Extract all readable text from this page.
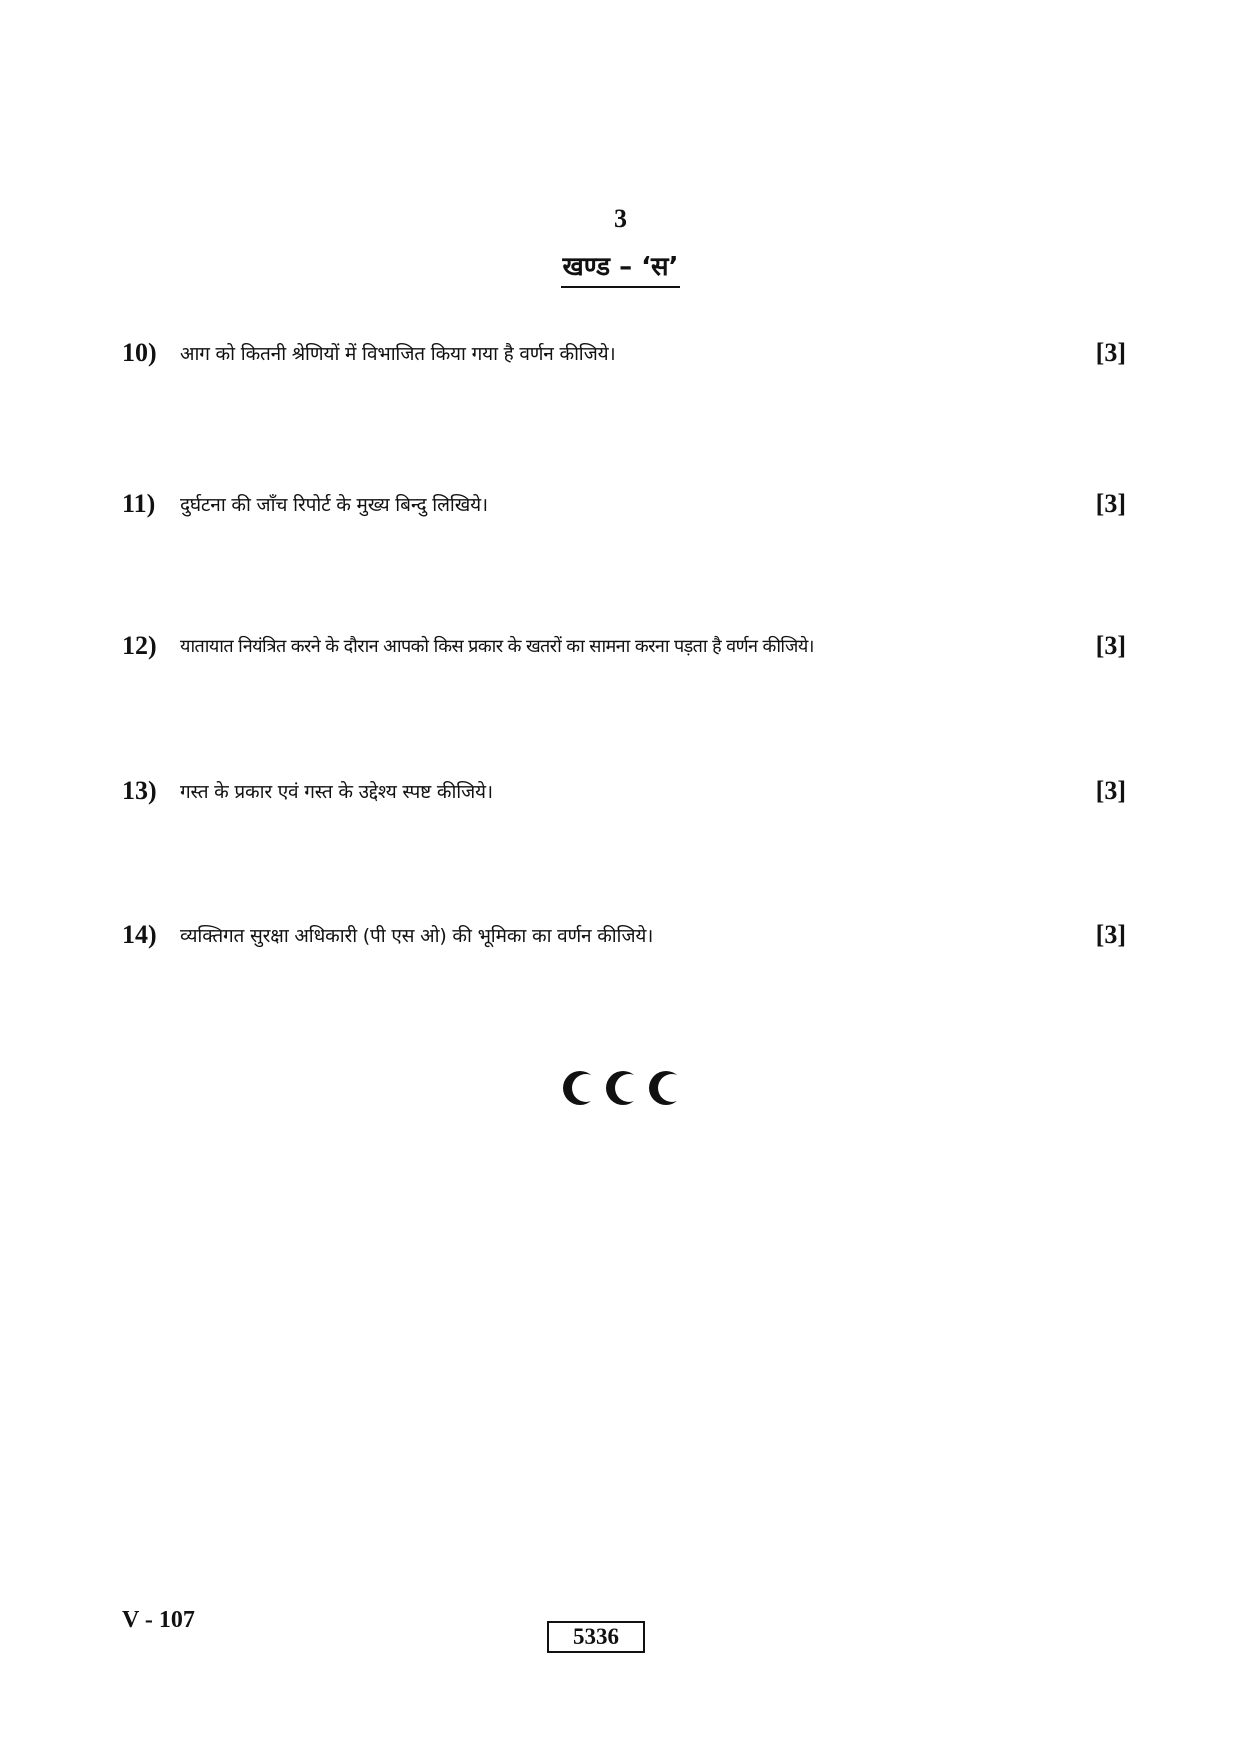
3
खण्ड – ‘स’
10)	आग को कितनी श्रेणियों में विभाजित किया गया है वर्णन कीजिये।	[3]
11)	दुर्घटना की जाँच रिपोर्ट के मुख्य बिन्दु लिखिये।	[3]
12)	यातायात नियंत्रित करने के दौरान आपको किस प्रकार के खतरों का सामना करना पड़ता है वर्णन कीजिये।	[3]
13)	गस्त के प्रकार एवं गस्त के उद्देश्य स्पष्ट कीजिये।	[3]
14)	व्यक्तिगत सुरक्षा अधिकारी (पी एस ओ) की भूमिका का वर्णन कीजिये।	[3]
V - 107
5336
